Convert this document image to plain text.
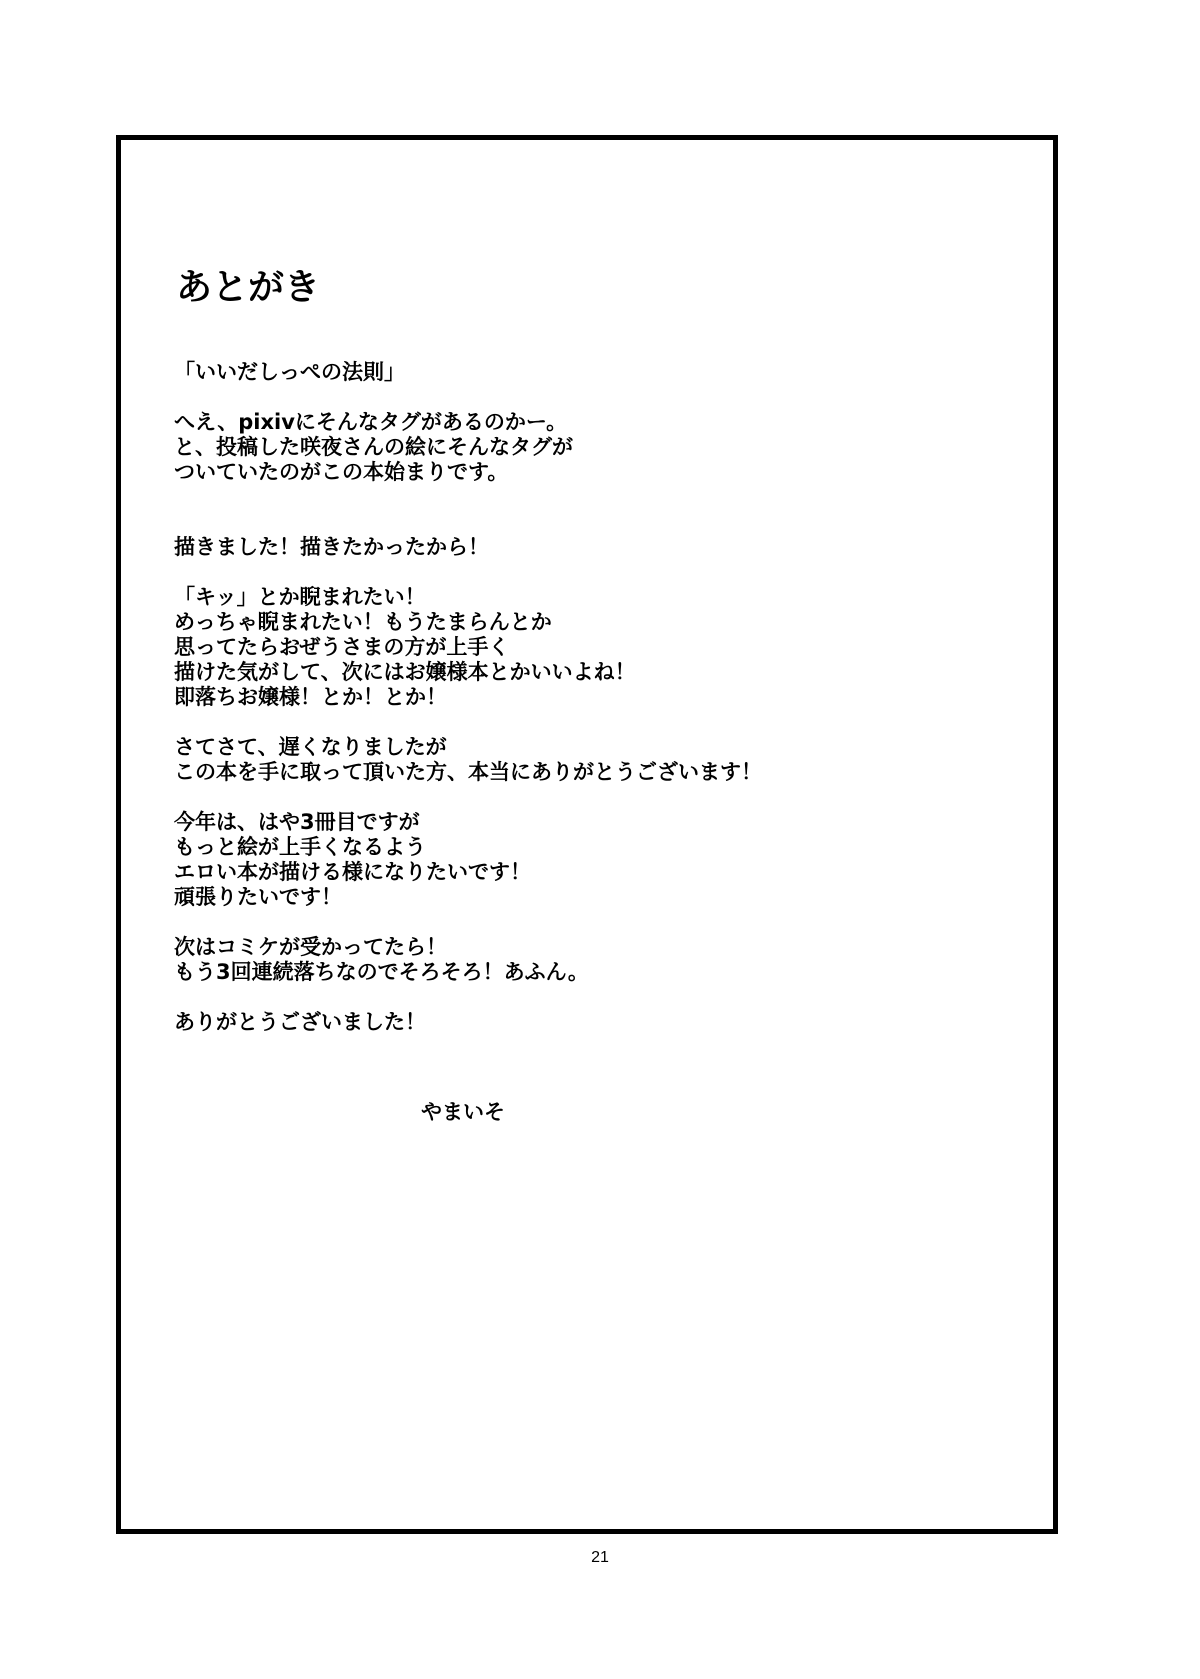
あとがき
「いいだしっぺの法則」
へえ、pixivにそんなタグがあるのかー。
と、投稿した咲夜さんの絵にそんなタグが
ついていたのがこの本始まりです。
描きました！描きたかったから！
「キッ」とか睨まれたい！
めっちゃ睨まれたい！もうたまらんとか
思ってたらおぜうさまの方が上手く
描けた気がして、次にはお嬢様本とかいいよね！
即落ちお嬢様！とか！とか！
さてさて、遅くなりましたが
この本を手に取って頂いた方、本当にありがとうございます！
今年は、はや3冊目ですが
もっと絵が上手くなるよう
エロい本が描ける様になりたいです！
頑張りたいです！
次はコミケが受かってたら！
もう3回連続落ちなのでそろそろ！あふん。
ありがとうございました！
やまいそ
21
